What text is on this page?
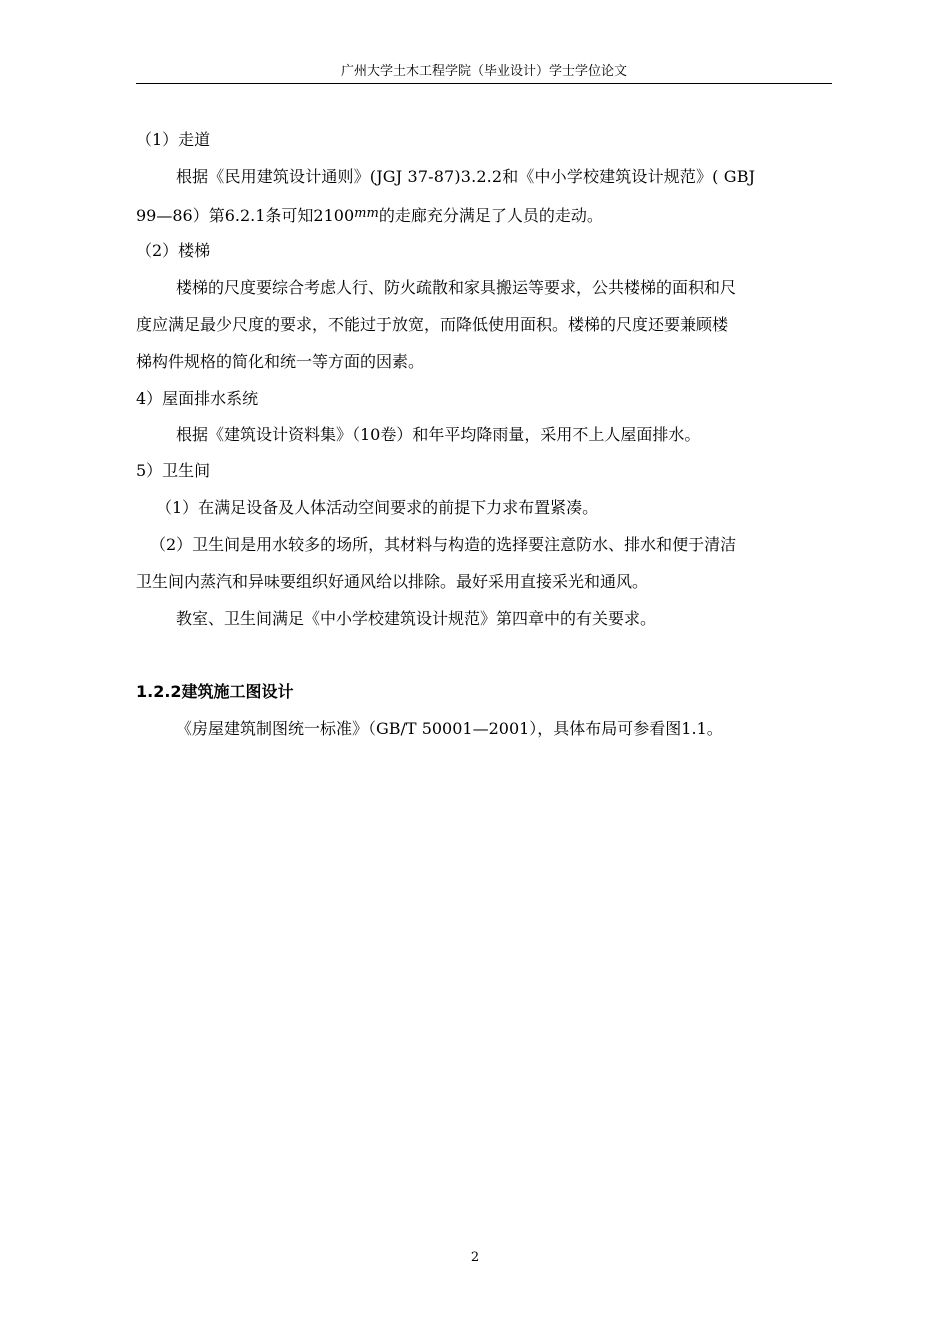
广州大学土木工程学院（毕业设计）学士学位论文
（1）走道
根据《民用建筑设计通则》(JGJ 37-87)3.2.2和《中小学校建筑设计规范》( GBJ
99—86）第6.2.1条可知$2100^{mm}$的走廊充分满足了人员的走动。
（2）楼梯
楼梯的尺度要综合考虑人行、防火疏散和家具搬运等要求，公共楼梯的面积和尺
度应满足最少尺度的要求，不能过于放宽，而降低使用面积。楼梯的尺度还要兼顾楼
梯构件规格的简化和统一等方面的因素。
4）屋面排水系统
根据《建筑设计资料集》（10卷）和年平均降雨量，采用不上人屋面排水。
5）卫生间
（1）在满足设备及人体活动空间要求的前提下力求布置紧凑。
（2）卫生间是用水较多的场所，其材料与构造的选择要注意防水、排水和便于清洁
卫生间内蒸汽和异味要组织好通风给以排除。最好采用直接采光和通风。
教室、卫生间满足《中小学校建筑设计规范》第四章中的有关要求。
1.2.2建筑施工图设计
《房屋建筑制图统一标准》（GB/T 50001—2001），具体布局可参看图1.1。
2
